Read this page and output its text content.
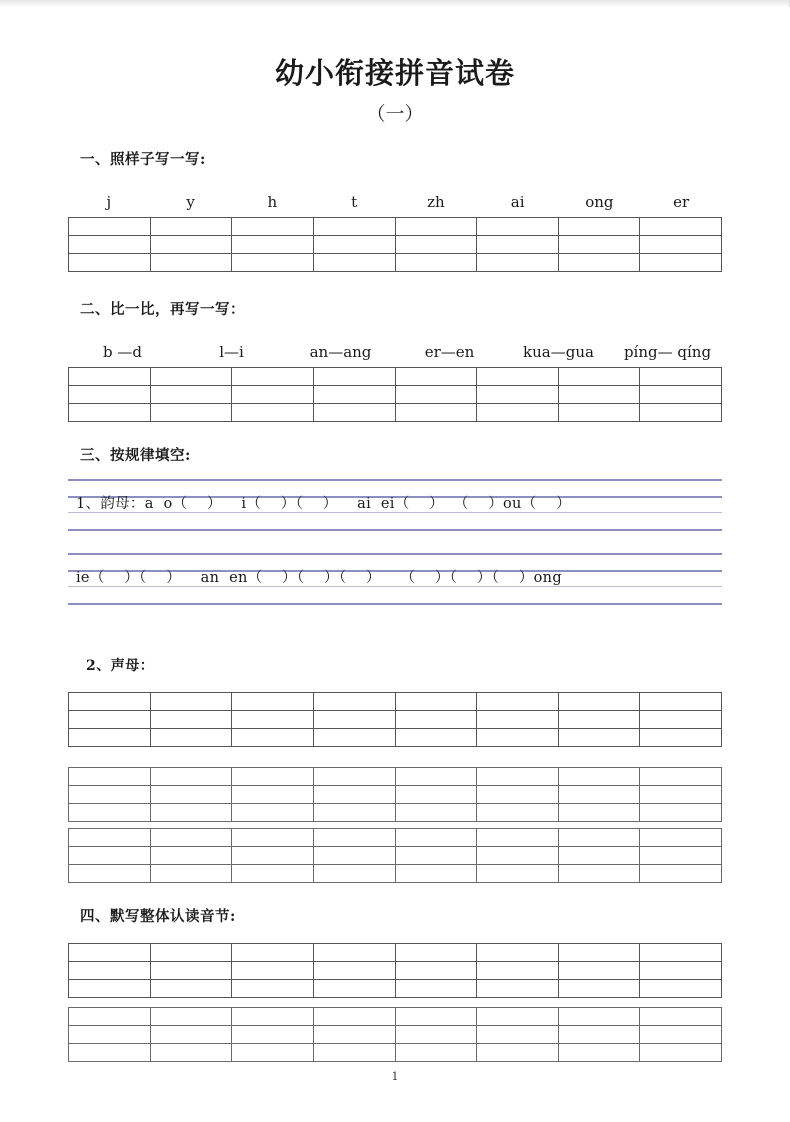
幼小衔接拼音试卷
（一）
一、照样子写一写:
j	y	h	t	zh	ai	ong	er

二、比一比，再写一写：
b —d	l—i	an—ang	er—en	kua—gua	píng— qíng

三、按规律填空:
1、韵母：a  o（    ）    i（    ）（    ）    ai  ei（    ）  （    ）ou（    ）
ie（    ）（    ）    an  en（    ）（    ）（    ）    （    ）（    ）（    ）ong
2、声母：

四、默写整体认读音节:

1
